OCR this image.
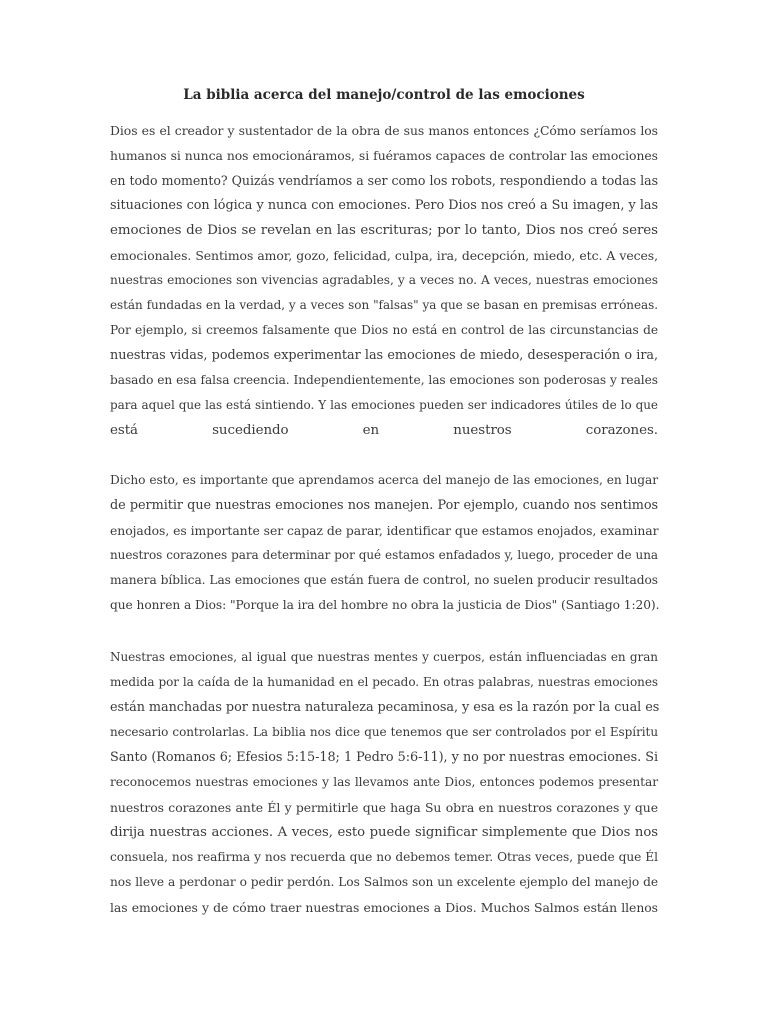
La biblia acerca del manejo/control de las emociones
Dios es el creador y sustentador de la obra de sus manos entonces ¿Cómo seríamos los
humanos si nunca nos emocionáramos, si fuéramos capaces de controlar las emociones
en todo momento? Quizás vendríamos a ser como los robots, respondiendo a todas las
situaciones con lógica y nunca con emociones. Pero Dios nos creó a Su imagen, y las
emociones de Dios se revelan en las escrituras; por lo tanto, Dios nos creó seres
emocionales. Sentimos amor, gozo, felicidad, culpa, ira, decepción, miedo, etc. A veces,
nuestras emociones son vivencias agradables, y a veces no. A veces, nuestras emociones
están fundadas en la verdad, y a veces son "falsas" ya que se basan en premisas erróneas.
Por ejemplo, si creemos falsamente que Dios no está en control de las circunstancias de
nuestras vidas, podemos experimentar las emociones de miedo, desesperación o ira,
basado en esa falsa creencia. Independientemente, las emociones son poderosas y reales
para aquel que las está sintiendo. Y las emociones pueden ser indicadores útiles de lo que
está sucediendo en nuestros corazones.
Dicho esto, es importante que aprendamos acerca del manejo de las emociones, en lugar
de permitir que nuestras emociones nos manejen. Por ejemplo, cuando nos sentimos
enojados, es importante ser capaz de parar, identificar que estamos enojados, examinar
nuestros corazones para determinar por qué estamos enfadados y, luego, proceder de una
manera bíblica. Las emociones que están fuera de control, no suelen producir resultados
que honren a Dios: "Porque la ira del hombre no obra la justicia de Dios" (Santiago 1:20).
Nuestras emociones, al igual que nuestras mentes y cuerpos, están influenciadas en gran
medida por la caída de la humanidad en el pecado. En otras palabras, nuestras emociones
están manchadas por nuestra naturaleza pecaminosa, y esa es la razón por la cual es
necesario controlarlas. La biblia nos dice que tenemos que ser controlados por el Espíritu
Santo (Romanos 6; Efesios 5:15-18; 1 Pedro 5:6-11), y no por nuestras emociones. Si
reconocemos nuestras emociones y las llevamos ante Dios, entonces podemos presentar
nuestros corazones ante Él y permitirle que haga Su obra en nuestros corazones y que
dirija nuestras acciones. A veces, esto puede significar simplemente que Dios nos
consuela, nos reafirma y nos recuerda que no debemos temer. Otras veces, puede que Él
nos lleve a perdonar o pedir perdón. Los Salmos son un excelente ejemplo del manejo de
las emociones y de cómo traer nuestras emociones a Dios. Muchos Salmos están llenos
